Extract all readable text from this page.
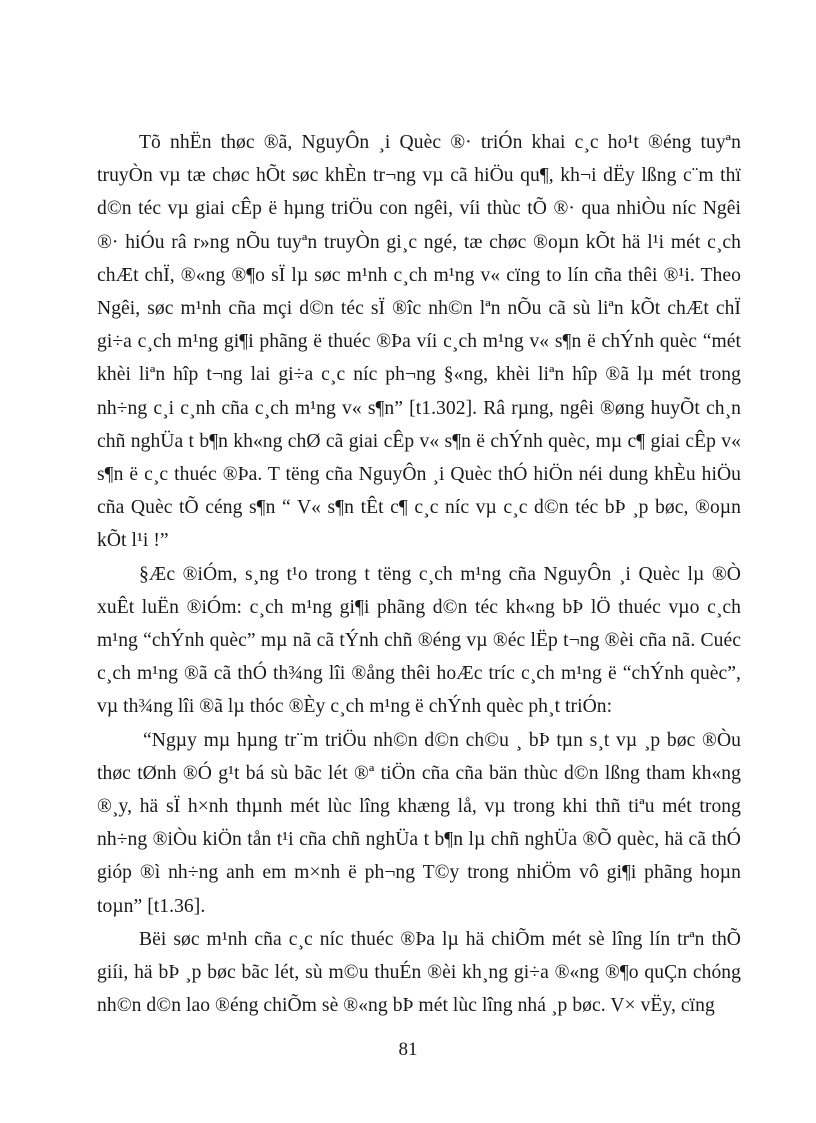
Tõ nhËn thøc ®ã, NguyÔn ¸i Quèc ®· triÓn khai c¸c ho¹t ®éng tuyªn truyÒn vµ tæ chøc hÕt søc khÈn tr¬ng vµ cã hiÖu qu¶, kh¬i dËy lßng c¨m thï d©n téc vµ giai cÊp ë hµng triÖu con ngêi, víi thùc tÕ ®· qua nhiÒu níc Ngêi ®· hiÓu râ r»ng nÕu tuyªn truyÒn gi¸c ngé, tæ chøc ®oµn kÕt hä l¹i mét c¸ch chÆt chÏ, ®«ng ®¶o sÏ lµ søc m¹nh c¸ch m¹ng v« cïng to lín cña thêi ®¹i. Theo Ngêi, søc m¹nh cña mçi d©n téc sÏ ®îc nh©n lªn nÕu cã sù liªn kÕt chÆt chÏ gi÷a c¸ch m¹ng gi¶i phãng ë thuéc ®Þa víi c¸ch m¹ng v« s¶n ë chÝnh quèc “mét khèi liªn hîp t¬ng lai gi÷a c¸c níc ph¬ng §«ng, khèi liªn hîp ®ã lµ mét trong nh÷ng c¸i c¸nh cña c¸ch m¹ng v« s¶n” [t1.302]. Râ rµng, ngêi ®øng huyÕt ch¸n chñ nghÜa t b¶n kh«ng chØ cã giai cÊp v« s¶n ë chÝnh quèc, mµ c¶ giai cÊp v« s¶n ë c¸c thuéc ®Þa. T tëng cña NguyÔn ¸i Quèc thÓ hiÖn néi dung khÈu hiÖu cña Quèc tÕ céng s¶n “ V« s¶n tÊt c¶ c¸c níc vµ c¸c d©n téc bÞ ¸p bøc, ®oµn kÕt l¹i !”

§Æc ®iÓm, s¸ng t¹o trong t tëng c¸ch m¹ng cña NguyÔn ¸i Quèc lµ ®Ò xuÊt luËn ®iÓm: c¸ch m¹ng gi¶i phãng d©n téc kh«ng bÞ lÖ thuéc vµo c¸ch m¹ng “chÝnh quèc” mµ nã cã tÝnh chñ ®éng vµ ®éc lËp t¬ng ®èi cña nã. Cuéc c¸ch m¹ng ®ã cã thÓ th¾ng lîi ®ång thêi hoÆc tríc c¸ch m¹ng ë “chÝnh quèc”, vµ th¾ng lîi ®ã lµ thóc ®Èy c¸ch m¹ng ë chÝnh quèc ph¸t triÓn:

“Ngµy mµ hµng tr¨m triÖu nh©n d©n ch©u ¸ bÞ tµn s¸t vµ ¸p bøc ®Òu thøc tØnh ®Ó g¹t bá sù bãc lét ®ª tiÖn cña cña bän thùc d©n lßng tham kh«ng ®¸y, hä sÏ h×nh thµnh mét lùc lîng khæng lå, vµ trong khi thñ tiªu mét trong nh÷ng ®iÒu kiÖn tån t¹i cña chñ nghÜa t b¶n lµ chñ nghÜa ®Õ quèc, hä cã thÓ gióp ®ì nh÷ng anh em m×nh ë ph¬ng T©y trong nhiÖm vô gi¶i phãng hoµn toµn” [t1.36].

Bëi søc m¹nh cña c¸c níc thuéc ®Þa lµ hä chiÕm mét sè lîng lín trªn thÕ giíi, hä bÞ ¸p bøc bãc lét, sù m©u thuÉn ®èi kh¸ng gi÷a ®«ng ®¶o quÇn chóng nh©n d©n lao ®éng chiÕm sè ®«ng bÞ mét lùc lîng nhá ¸p bøc. V× vËy, cïng

81
